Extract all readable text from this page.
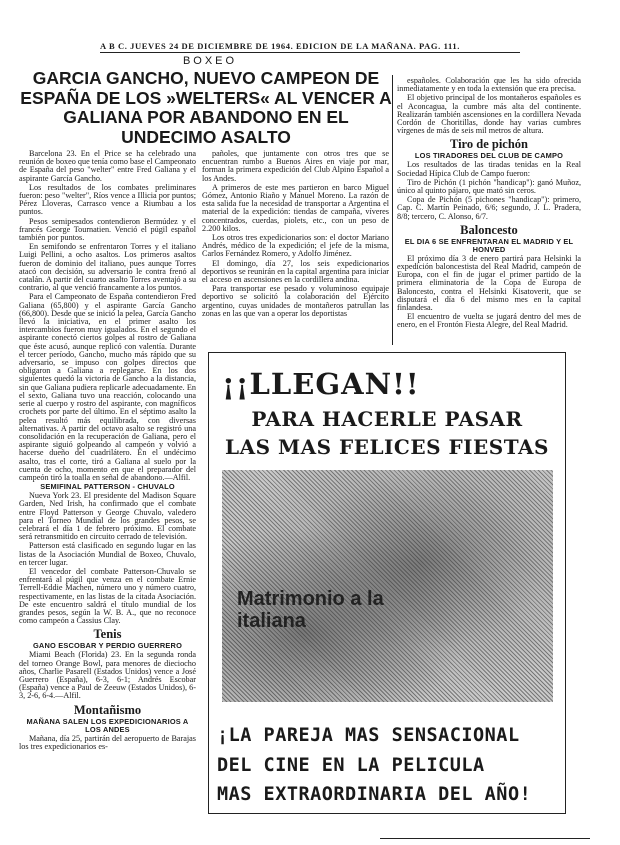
A B C. JUEVES 24 DE DICIEMBRE DE 1964. EDICION DE LA MAÑANA. PAG. 111.
BOXEO
GARCIA GANCHO, NUEVO CAMPEON DE ESPAÑA DE LOS »WELTERS« AL VENCER A GALIANA POR ABANDONO EN EL UNDECIMO ASALTO

Barcelona 23. En el Price se ha celebrado una reunión de boxeo que tenía como base el Campeonato de España del peso "welter" entre Fred Galiana y el aspirante García Gancho.

Los resultados de los combates preliminares fueron: peso "welter", Ríos vence a Illicia por puntos; Pérez Lloveras, Carrasco vence a Riumbau a los puntos.

Pesos semipesados contendieron Bermúdez y el francés George Tournatien. Venció el púgil español también por puntos.

En semifondo se enfrentaron Torres y el italiano Luigi Pellini, a ocho asaltos. Los primeros asaltos fueron de dominio del italiano, pues aunque Torres atacó con decisión, su adversario le contra frenó al catalán. A partir del cuarto asalto Torres aventajó a su contrario, al que venció francamente a los puntos.

Para el Campeonato de España contendieron Fred Galiana (65,800) y el aspirante García Gancho (66,800). Desde que se inició la pelea, García Gancho llevó la iniciativa, en el primer asalto los intercambios fueron muy igualados. En el segundo el aspirante conectó ciertos golpes al rostro de Galiana que éste acusó, aunque replicó con valentía. Durante el tercer período, Gancho, mucho más rápido que su adversario, se impuso con golpes directos que obligaron a Galiana a replegarse. En los dos siguientes quedó la victoria de Gancho a la distancia, sin que Galiana pudiera replicarle adecuadamente. En el sexto, Galiana tuvo una reacción, colocando una serie al cuerpo y rostro del aspirante, con magníficos crochets por parte del último. En el séptimo asalto la pelea resultó más equilibrada, con diversas alternativas. A partir del octavo asalto se registró una consolidación en la recuperación de Galiana, pero el aspirante siguió golpeando al campeón y volvió a hacerse dueño del cuadrilátero. En el undécimo asalto, tras el corte, tiró a Galiana al suelo por la cuenta de ocho, momento en que el preparador del campeón tiró la toalla en señal de abandono.—Alfil.

SEMIFINAL PATTERSON - CHUVALO

Nueva York 23. El presidente del Madison Square Garden, Ned Irish, ha confirmado que el combate entre Floyd Patterson y George Chuvalo, valedero para el Torneo Mundial de los grandes pesos, se celebrará el día 1 de febrero próximo. El combate será retransmitido en circuito cerrado de televisión.

Patterson está clasificado en segundo lugar en las listas de la Asociación Mundial de Boxeo, Chuvalo, en tercer lugar.

El vencedor del combate Patterson-Chuvalo se enfrentará al púgil que venza en el combate Ernie Terrell-Eddie Machen, número uno y número cuatro, respectivamente, en las listas de la citada Asociación. De este encuentro saldrá el título mundial de los grandes pesos, según la W. B. A., que no reconoce como campeón a Cassius Clay.

Tenis
GANO ESCOBAR Y PERDIO GUERRERO

Miami Beach (Florida) 23. En la segunda ronda del torneo Orange Bowl, para menores de dieciocho años, Charlie Pasarell (Estados Unidos) vence a José Guerrero (España), 6-3, 6-1; Andrés Escobar (España) vence a Paul de Zeeuw (Estados Unidos), 6-3, 2-6, 6-4.—Alfil.

Montañismo
MAÑANA SALEN LOS EXPEDICIONARIOS A LOS ANDES

Mañana, día 25, partirán del aeropuerto de Barajas los tres expedicionarios es-

pañoles, que juntamente con otros tres que se encuentran rumbo a Buenos Aires en viaje por mar, forman la primera expedición del Club Alpino Español a los Andes.

A primeros de este mes partieron en barco Miguel Gómez, Antonio Riaño y Manuel Moreno. La razón de esta salida fue la necesidad de transportar a Argentina el material de la expedición: tiendas de campaña, víveres concentrados, cuerdas, piolets, etc., con un peso de 2.200 kilos.

Los otros tres expedicionarios son: el doctor Mariano Andrés, médico de la expedición; el jefe de la misma, Carlos Fernández Romero, y Adolfo Jiménez.

El domingo, día 27, los seis expedicionarios deportivos se reunirán en la capital argentina para iniciar el acceso en ascensiones en la cordillera andina.

Para transportar ese pesado y voluminoso equipaje deportivo se solicitó la colaboración del Ejército argentino, cuyas unidades de montañeros patrullan las zonas en las que van a operar los deportistas

españoles. Colaboración que les ha sido ofrecida inmediatamente y en toda la extensión que era precisa.

El objetivo principal de los montañeros españoles es el Aconcagua, la cumbre más alta del continente. Realizarán también ascensiones en la cordillera Nevada Cordón de Choritillas, donde hay varias cumbres vírgenes de más de seis mil metros de altura.

Tiro de pichón
LOS TIRADORES DEL CLUB DE CAMPO

Los resultados de las tiradas tenidas en la Real Sociedad Hípica Club de Campo fueron:

Tiro de Pichón (1 pichón "handicap"): ganó Muñoz, único al quinto pájaro, que mató sin ceros.

Copa de Pichón (5 pichones "handicap"): primero, Cap. C. Martín Peinado, 6/6; segundo, J. L. Pradera, 8/8; tercero, C. Alonso, 6/7.

Baloncesto
EL DIA 6 SE ENFRENTARAN EL MADRID Y EL HONVED

El próximo día 3 de enero partirá para Helsinki la expedición baloncestista del Real Madrid, campeón de Europa, con el fin de jugar el primer partido de la primera eliminatoria de la Copa de Europa de Baloncesto, contra el Helsinki Kisatoverit, que se disputará el día 6 del mismo mes en la capital finlandesa.

El encuentro de vuelta se jugará dentro del mes de enero, en el Frontón Fiesta Alegre, del Real Madrid.

¡¡LLEGAN!!
PARA HACERLE PASAR
LAS MAS FELICES FIESTAS
Matrimonio a la italiana
¡LA PAREJA MAS SENSACIONAL
DEL CINE EN LA PELICULA
MAS EXTRAORDINARIA DEL AÑO!
